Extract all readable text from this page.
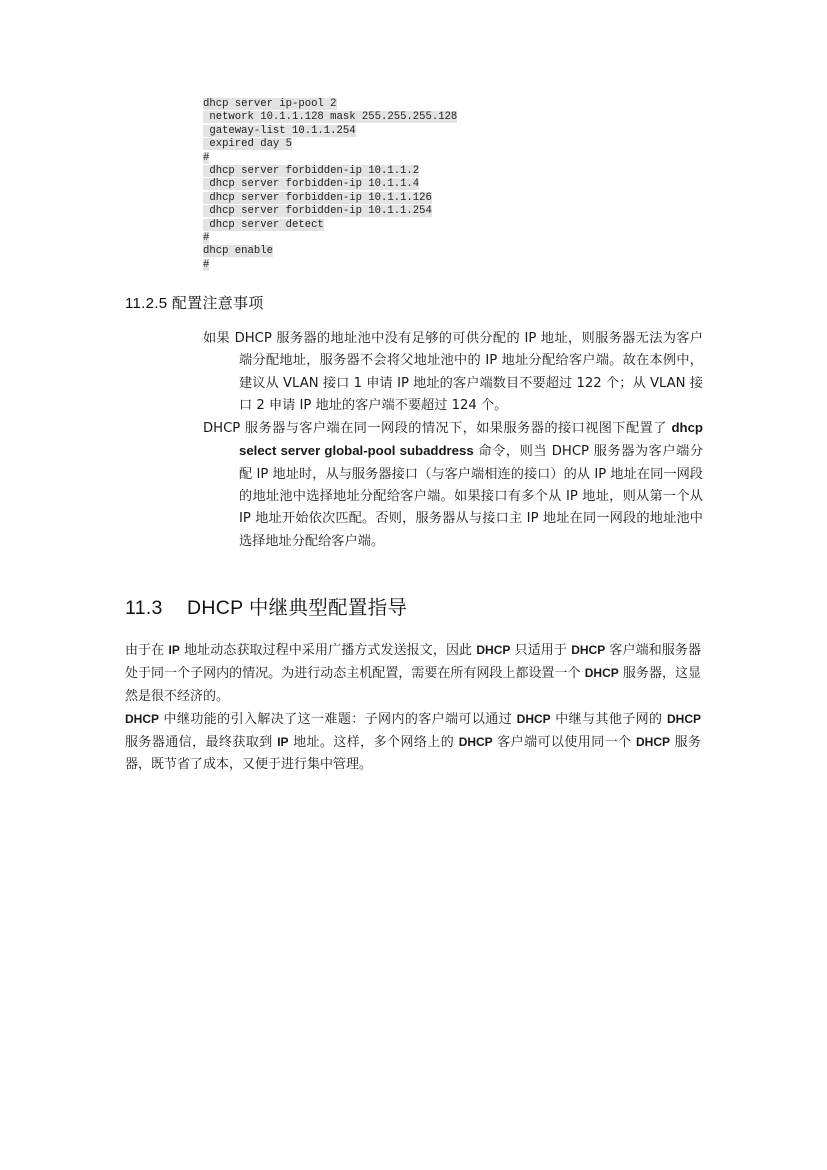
dhcp server ip-pool 2
network 10.1.1.128 mask 255.255.255.128
gateway-list 10.1.1.254
expired day 5
#
dhcp server forbidden-ip 10.1.1.2
dhcp server forbidden-ip 10.1.1.4
dhcp server forbidden-ip 10.1.1.126
dhcp server forbidden-ip 10.1.1.254
dhcp server detect
#
dhcp enable
#
11.2.5 配置注意事项

如果 DHCP 服务器的地址池中没有足够的可供分配的 IP 地址，则服务器无法为客户端分配地址，服务器不会将父地址池中的 IP 地址分配给客户端。故在本例中，建议从 VLAN 接口 1 申请 IP 地址的客户端数目不要超过 122 个；从 VLAN 接口 2 申请 IP 地址的客户端不要超过 124 个。

DHCP 服务器与客户端在同一网段的情况下，如果服务器的接口视图下配置了 dhcp select server global-pool subaddress 命令，则当 DHCP 服务器为客户端分配 IP 地址时，从与服务器接口（与客户端相连的接口）的从 IP 地址在同一网段的地址池中选择地址分配给客户端。如果接口有多个从 IP 地址，则从第一个从 IP 地址开始依次匹配。否则，服务器从与接口主 IP 地址在同一网段的地址池中选择地址分配给客户端。

11.3 DHCP 中继典型配置指导

由于在 IP 地址动态获取过程中采用广播方式发送报文，因此 DHCP 只适用于 DHCP 客户端和服务器处于同一个子网内的情况。为进行动态主机配置，需要在所有网段上都设置一个 DHCP 服务器，这显然是很不经济的。

DHCP 中继功能的引入解决了这一难题：子网内的客户端可以通过 DHCP 中继与其他子网的 DHCP 服务器通信，最终获取到 IP 地址。这样，多个网络上的 DHCP 客户端可以使用同一个 DHCP 服务器，既节省了成本，又便于进行集中管理。
